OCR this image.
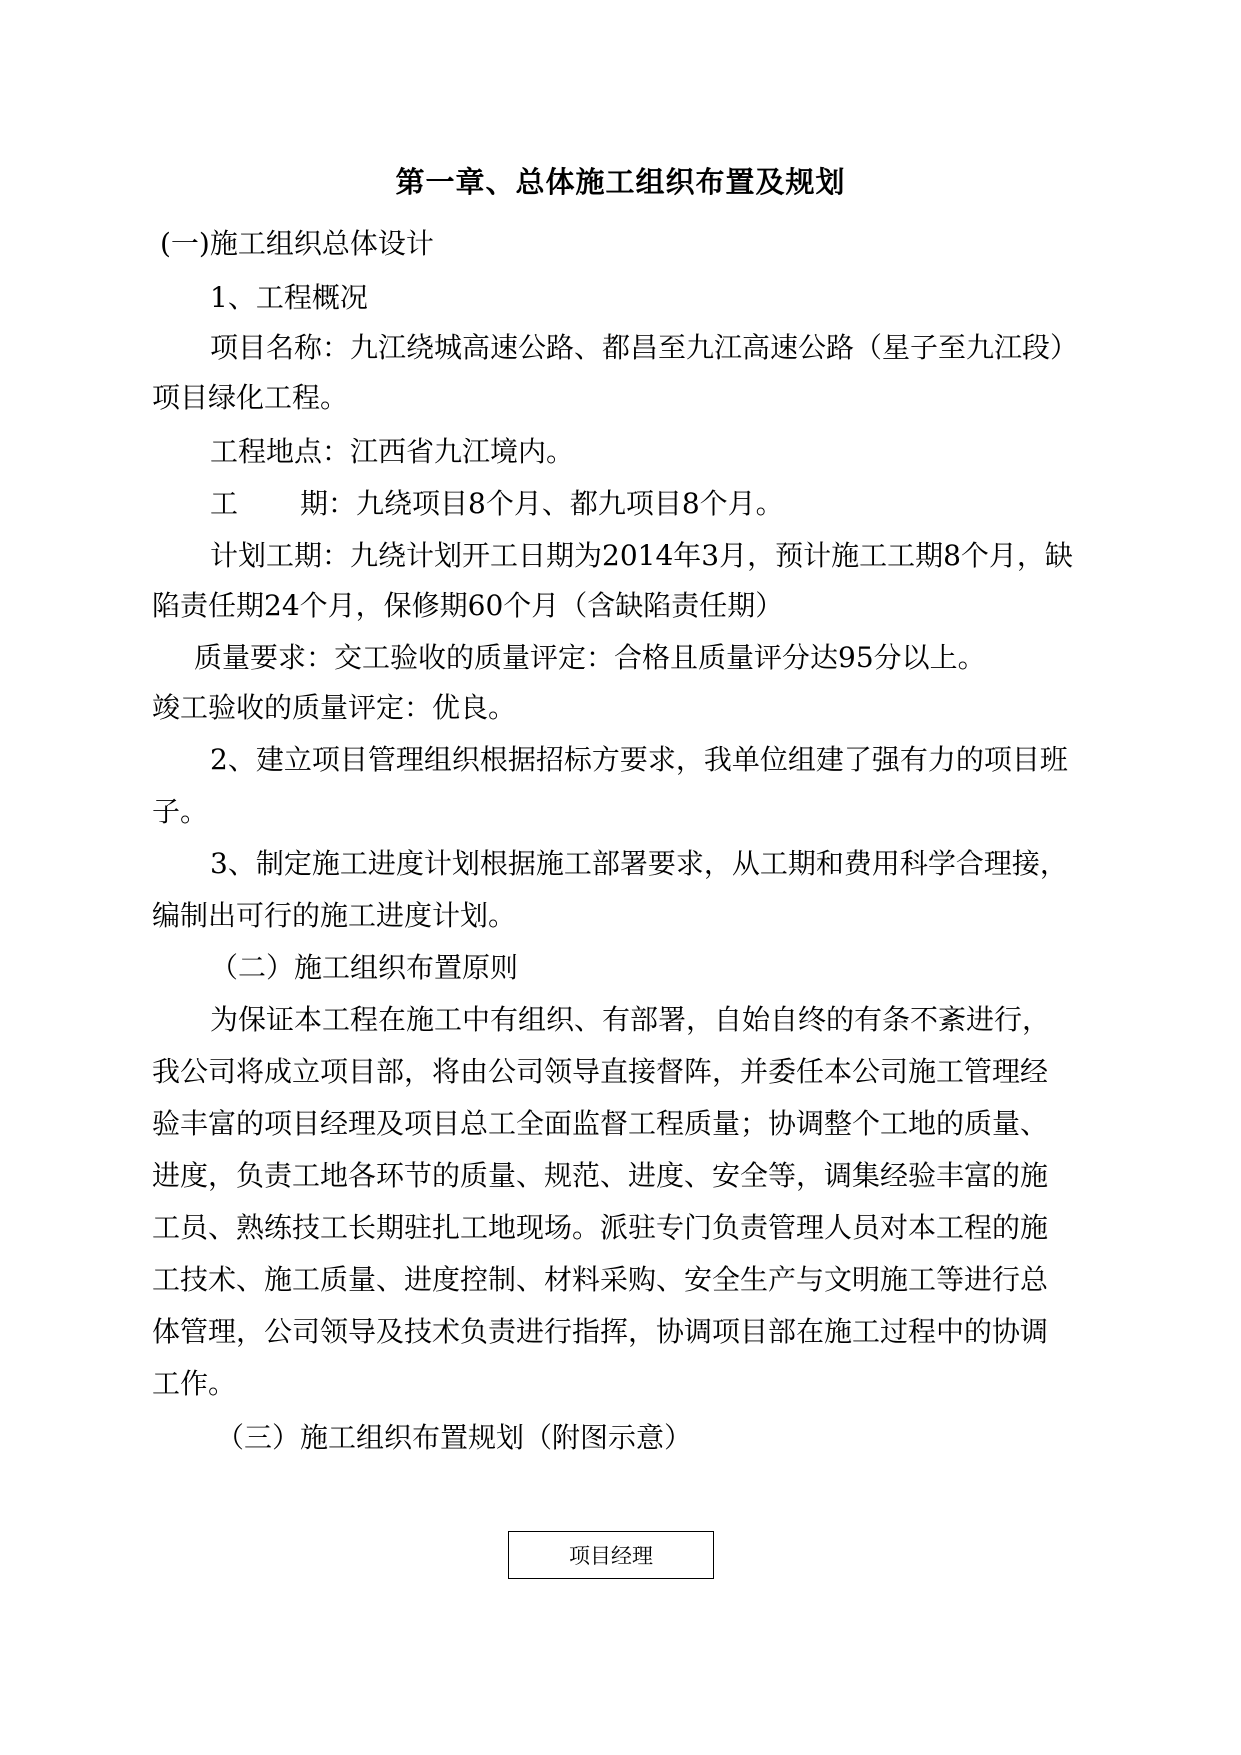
第一章、总体施工组织布置及规划
(一)施工组织总体设计
1、工程概况
项目名称：九江绕城高速公路、都昌至九江高速公路（星子至九江段）
项目绿化工程。
工程地点：江西省九江境内。
工 期：九绕项目8个月、都九项目8个月。
计划工期：九绕计划开工日期为2014年3月，预计施工工期8个月，缺
陷责任期24个月，保修期60个月（含缺陷责任期）
质量要求：交工验收的质量评定：合格且质量评分达95分以上。
竣工验收的质量评定：优良。
2、建立项目管理组织根据招标方要求，我单位组建了强有力的项目班
子。
3、制定施工进度计划根据施工部署要求，从工期和费用科学合理接，
编制出可行的施工进度计划。
（二）施工组织布置原则
为保证本工程在施工中有组织、有部署，自始自终的有条不紊进行，
我公司将成立项目部，将由公司领导直接督阵，并委任本公司施工管理经
验丰富的项目经理及项目总工全面监督工程质量；协调整个工地的质量、
进度，负责工地各环节的质量、规范、进度、安全等，调集经验丰富的施
工员、熟练技工长期驻扎工地现场。派驻专门负责管理人员对本工程的施
工技术、施工质量、进度控制、材料采购、安全生产与文明施工等进行总
体管理，公司领导及技术负责进行指挥，协调项目部在施工过程中的协调
工作。
（三）施工组织布置规划（附图示意）
项目经理
